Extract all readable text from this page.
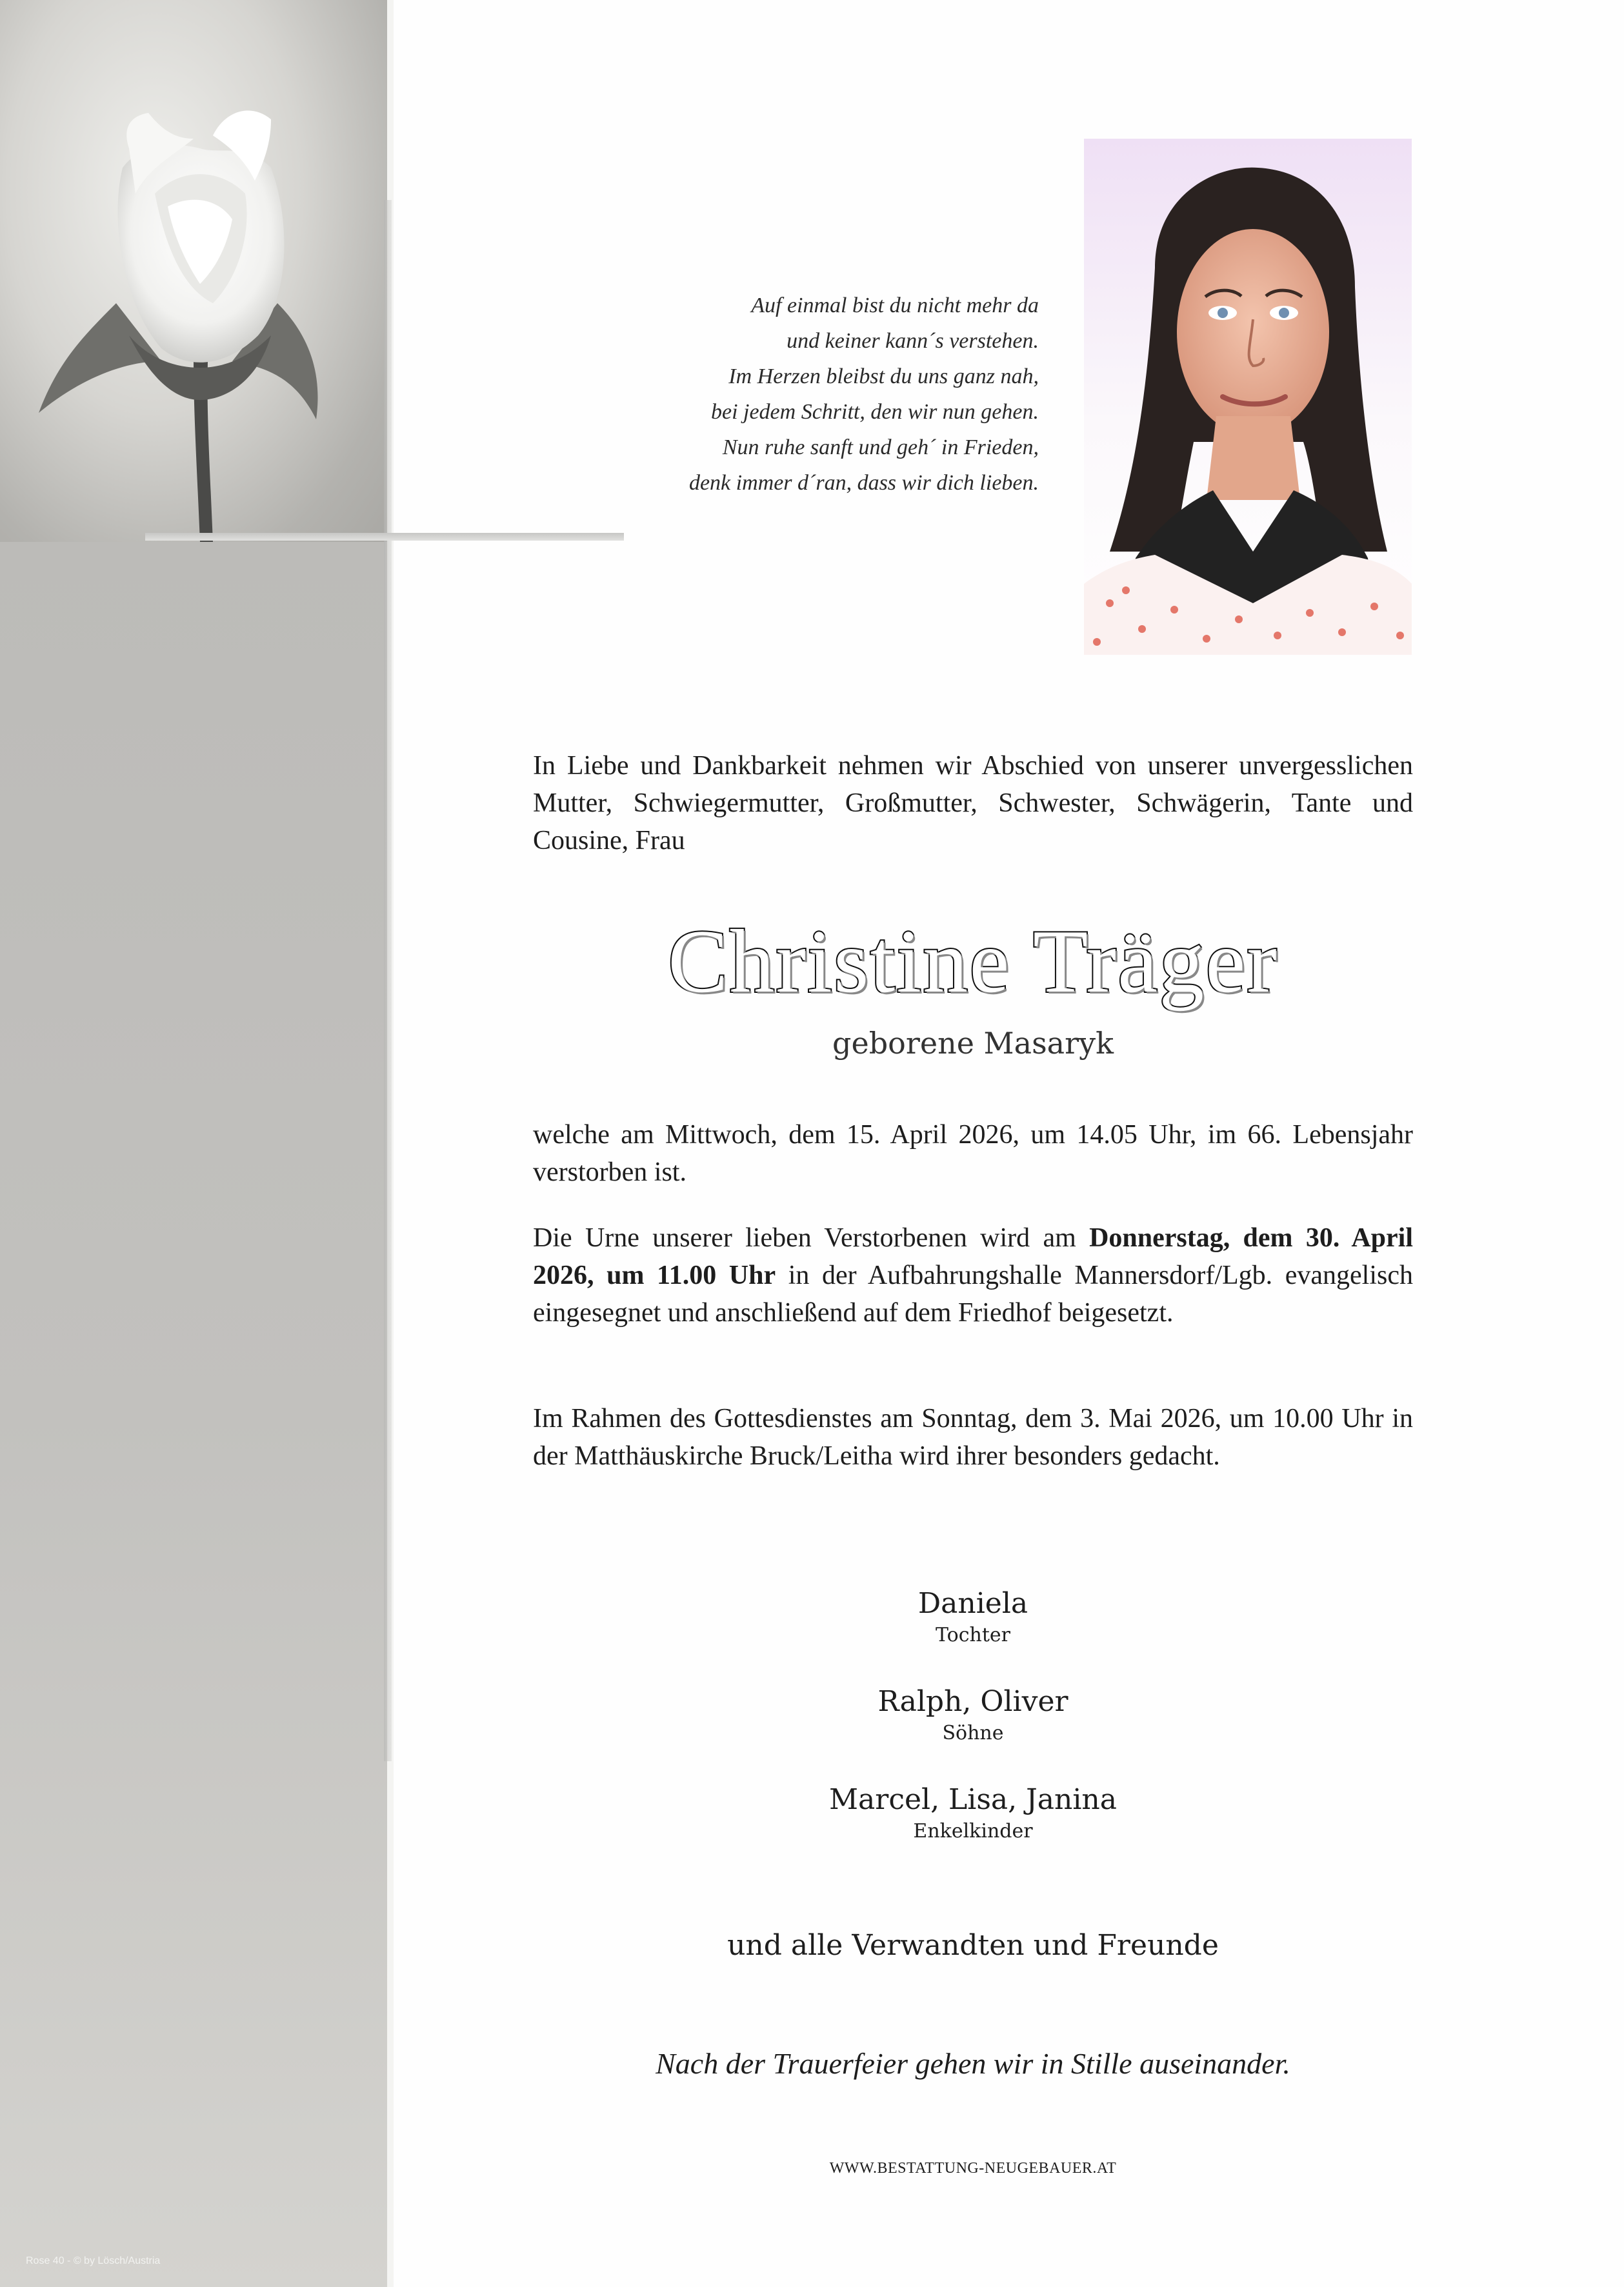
Rose 40 - © by Lösch/Austria
Auf einmal bist du nicht mehr da
und keiner kann´s verstehen.
Im Herzen bleibst du uns ganz nah,
bei jedem Schritt, den wir nun gehen.
Nun ruhe sanft und geh´ in Frieden,
denk immer d´ran, dass wir dich lieben.
In Liebe und Dankbarkeit nehmen wir Abschied von unserer unvergesslichen Mutter, Schwiegermutter, Großmutter, Schwester, Schwägerin, Tante und Cousine, Frau
Christine Träger
geborene Masaryk
welche am Mittwoch, dem 15. April 2026, um 14.05 Uhr, im 66. Lebensjahr verstorben ist.
Die Urne unserer lieben Verstorbenen wird am Donnerstag, dem 30. April 2026, um 11.00 Uhr in der Aufbahrungshalle Mannersdorf/Lgb. evangelisch eingesegnet und anschließend auf dem Friedhof beigesetzt.
Im Rahmen des Gottesdienstes am Sonntag, dem 3. Mai 2026, um 10.00 Uhr in der Matthäuskirche Bruck/Leitha wird ihrer besonders gedacht.
Daniela
Tochter
Ralph, Oliver
Söhne
Marcel, Lisa, Janina
Enkelkinder
und alle Verwandten und Freunde
Nach der Trauerfeier gehen wir in Stille auseinander.
WWW.BESTATTUNG-NEUGEBAUER.AT
